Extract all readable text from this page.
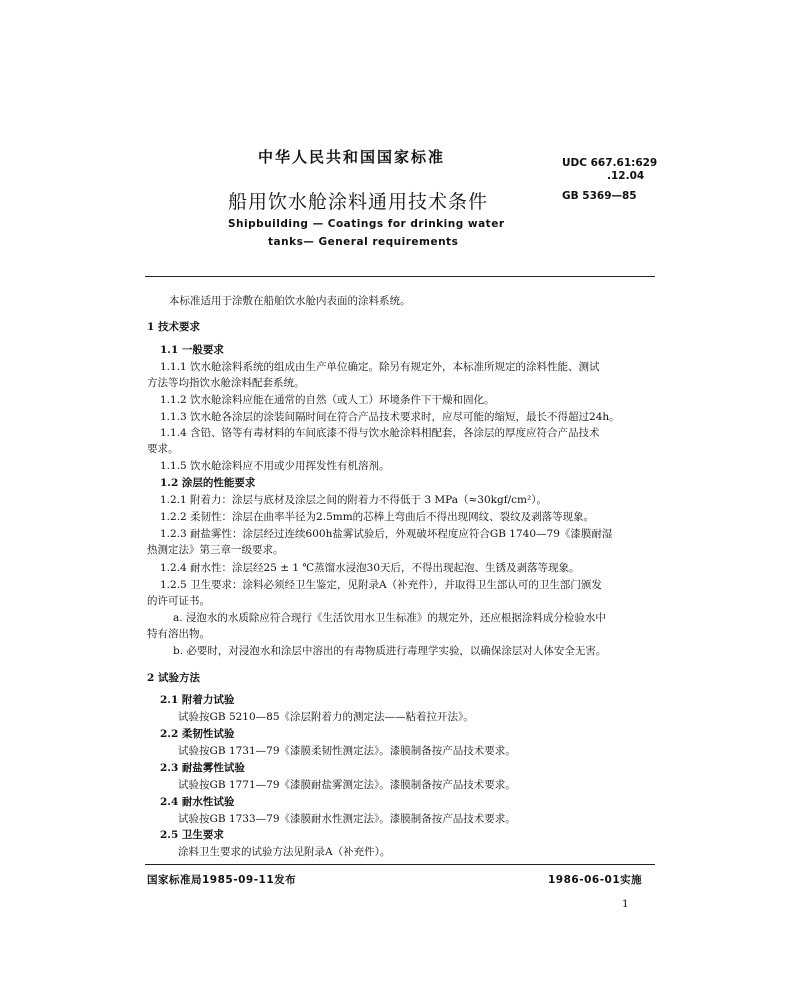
中华人民共和国国家标准	UDC 667.61:629
.12.04
船用饮水舱涂料通用技术条件	GB 5369—85
Shipbuilding — Coatings for drinking water
tanks— General requirements
本标准适用于涂敷在船舶饮水舱内表面的涂料系统。
1 技术要求
1.1 一般要求
1.1.1 饮水舱涂料系统的组成由生产单位确定。除另有规定外，本标准所规定的涂料性能、测试
方法等均指饮水舱涂料配套系统。
1.1.2 饮水舱涂料应能在通常的自然（或人工）环境条件下干燥和固化。
1.1.3 饮水舱各涂层的涂装间隔时间在符合产品技术要求时，应尽可能的缩短，最长不得超过24h。
1.1.4 含铅、铬等有毒材料的车间底漆不得与饮水舱涂料相配套，各涂层的厚度应符合产品技术
要求。
1.1.5 饮水舱涂料应不用或少用挥发性有机溶剂。
1.2 涂层的性能要求
1.2.1 附着力：涂层与底材及涂层之间的附着力不得低于 3 MPa（≈30kgf/cm²）。
1.2.2 柔韧性：涂层在曲率半径为2.5mm的芯棒上弯曲后不得出现网纹、裂纹及剥落等现象。
1.2.3 耐盐雾性：涂层经过连续600h盐雾试验后，外观破坏程度应符合GB 1740—79《漆膜耐湿
热测定法》第三章一级要求。
1.2.4 耐水性：涂层经25 ± 1 ℃蒸馏水浸泡30天后，不得出现起泡、生锈及剥落等现象。
1.2.5 卫生要求：涂料必须经卫生鉴定，见附录A（补充件），并取得卫生部认可的卫生部门颁发
的许可证书。
a. 浸泡水的水质除应符合现行《生活饮用水卫生标准》的规定外，还应根据涂料成分检验水中
特有溶出物。
b. 必要时，对浸泡水和涂层中溶出的有毒物质进行毒理学实验，以确保涂层对人体安全无害。
2 试验方法
2.1 附着力试验
试验按GB 5210—85《涂层附着力的测定法——粘着拉开法》。
2.2 柔韧性试验
试验按GB 1731—79《漆膜柔韧性测定法》。漆膜制备按产品技术要求。
2.3 耐盐雾性试验
试验按GB 1771—79《漆膜耐盐雾测定法》。漆膜制备按产品技术要求。
2.4 耐水性试验
试验按GB 1733—79《漆膜耐水性测定法》。漆膜制备按产品技术要求。
2.5 卫生要求
涂料卫生要求的试验方法见附录A（补充件）。
国家标准局1985-09-11发布	1986-06-01实施
1
